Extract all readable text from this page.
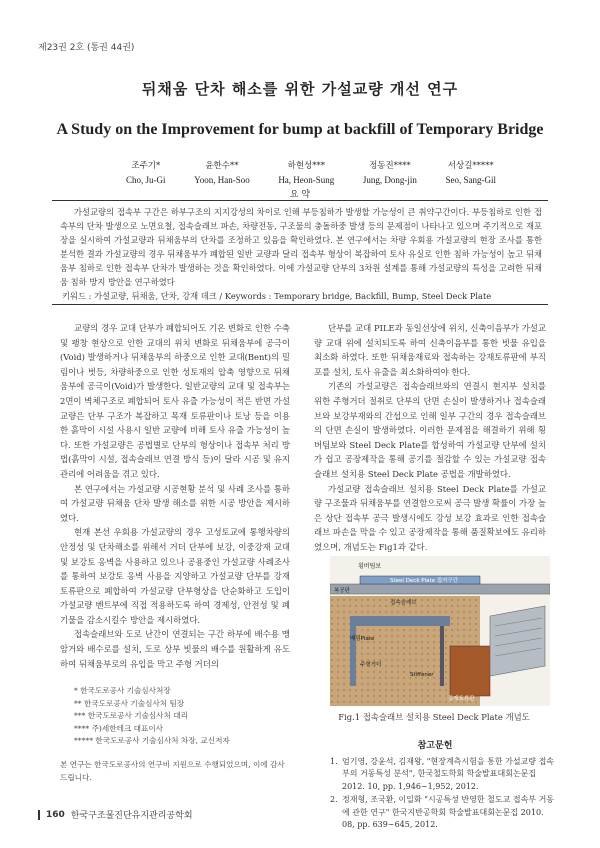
제23권 2호 (통권 44권)
뒤채움 단차 해소를 위한 가설교량 개선 연구
A Study on the Improvement for bump at backfill of Temporary Bridge
조주기*
Cho, Ju-Gi
윤한수**
Yoon, Han-Soo
하현성***
Ha, Heon-Sung
정동진****
Jung, Dong-jin
서상길*****
Seo, Sang-Gil
요 약
가설교량의 접속부 구간은 하부구조의 지지강성의 차이로 인해 부등침하가 발생할 가능성이 큰 취약구간이다. 부등침하로 인한 접속부의 단차 발생으로 노면요철, 접속슬래브 파손, 차량전동, 구조물의 충돌하중 발생 등의 문제점이 나타나고 있으며 주기적으로 재포장을 실시하여 가설교량과 뒤채움부의 단차를 조정하고 있음을 확인하였다. 본 연구에서는 차량 우회용 가설교량의 현장 조사를 통한 분석한 결과 가설교량의 경우 뒤채움부가 폐합된 일반 교량과 달리 접속부 형상이 복잡하여 토사 유실로 인한 침하 가능성이 높고 뒤채움부 침하로 인한 접속부 단차가 발생하는 것을 확인하였다. 이에 가설교량 단부의 3차원 설계를 통해 가설교량의 특성을 고려한 뒤채움 침하 방지 방안을 연구하였다
키워드 : 가설교량, 뒤채움, 단차, 강재 데크 / Keywords : Temporary bridge, Backfill, Bump, Steel Deck Plate

교량의 경우 교대 단부가 폐합되어도 기온 변화로 인한 수축 및 팽창 현상으로 인한 교대의 위치 변화로 뒤채움부에 공극이(Void) 발생하거나 뒤채움부의 하중으로 인한 교대(Bent)의 밀림이나 벗등, 차량하중으로 인한 성토재의 압축 영향으로 뒤채움부에 공극이(Void)가 발생한다. 일반교량의 교대 및 접속부는 2면이 벽체구조로 폐합되어 토사 유출 가능성이 적은 반면 가설교량은 단부 구조가 복잡하고 목재 토류판이나 토낭 등을 이용한 흙막이 시설 사용시 일반 교량에 비해 토사 유출 가능성이 높다. 또한 가설교량은 공법별로 단부의 형상이나 접속부 처리 방법(흙막이 시설, 접속슬래브 연결 방식 등)이 달라 시공 및 유지관리에 어려움을 겪고 있다.

본 연구에서는 가설교량 시공현황 분석 및 사례 조사를 통하여 가설교량 뒤채움 단차 발생 해소를 위한 시공 방안을 제시하였다.

현재 본선 우회용 가설교량의 경우 고성토교에 통행차량의 안정성 및 단차해소를 위해서 거더 단부에 보강, 이중강재 교대 및 보강토 옹벽을 사용하고 있으나 공용중인 가설교량 사례조사를 통하여 보강토 옹벽 사용을 지양하고 가설교량 단부를 강재토류판으로 폐합하여 가설교량 단부형상을 단순화하고 도입이 가설교량 벤트부에 직접 적용하도록 하여 경제성, 안전성 및 폐기물을 감소시킬수 방안을 제시하였다.

접속슬래브와 도로 난간이 연결되는 구간 하부에 배수용 맹암거와 배수로를 설치, 도로 상부 빗물의 배수를 원활하게 유도하여 뒤채움부로의 유입을 막고 주형 거더의

단부를 교대 PILE과 동일선상에 위치, 신축이음부가 가설교량 교대 위에 설치되도록 하여 신축이음부를 통한 빗물 유입을 최소화 하였다. 또한 뒤채움재료와 접속하는 강재토류판에 부직포를 설치, 토사 유출을 최소화하여야 한다.

기존의 가설교량은 접속슬래브와의 연결시 현지부 설치를 위한 주형거더 절취로 단부의 단면 손실이 발생하거나 접속슬래브와 보강부재와의 간섭으로 인해 일부 구간의 경우 접속슬래브의 단면 손실이 발생하였다. 이러한 문제점을 해결하기 위해 횡버팀보와 Steel Deck Plate를 합성하여 가설교량 단부에 설치가 쉽고 공장제작을 통해 공기를 절감할 수 있는 가설교량 접속슬래브 설치용 Steel Deck Plate 공법을 개발하였다.

가설교량 접속슬래브 설치용 Steel Deck Plate를 가설교량 구조물과 뒤채움부를 연결함으로써 공극 발생 확률이 가장 높은 상단 접속부 공극 발생시에도 강성 보강 효과로 인한 접속슬래브 파손을 막을 수 있고 공장제작을 통해 품질확보에도 유리하였으며, 개념도는 Fig1과 같다.

횡버팀보
Steel Deck Plate 접지구간
복공판
접속슬래브
배림Plate
주형거더
Stiffener
강재토류판
Fig.1 접속슬래브 설치용 Steel Deck Plate 개념도
* 한국도로공사 기술심사처장
** 한국도로공사 기술심사처 팀장
*** 한국도로공사 기술심사처 대리
**** 주)세한테크 대표이사
***** 한국도로공사 기술심사처 차장, 교신저자
본 연구는 한국도로공사의 연구비 지원으로 수행되었으며, 이에 감사드립니다.
참고문헌
1. 엄기영, 강윤석, 김재왕, "현장계측시험을 통한 가설교량 접속부의 거동특성 분석", 한국철도학회 학술발표대회논문집 2012. 10, pp. 1,946∼1,952, 2012.
2. 정재형, 조국환, 이일화 "시공특성 반영한 철도교 접속부 거동에 관한 연구" 한국지반공학회 학술발표대회논문집 2010. 08, pp. 639∼645, 2012.
160 한국구조물진단유지관리공학회
